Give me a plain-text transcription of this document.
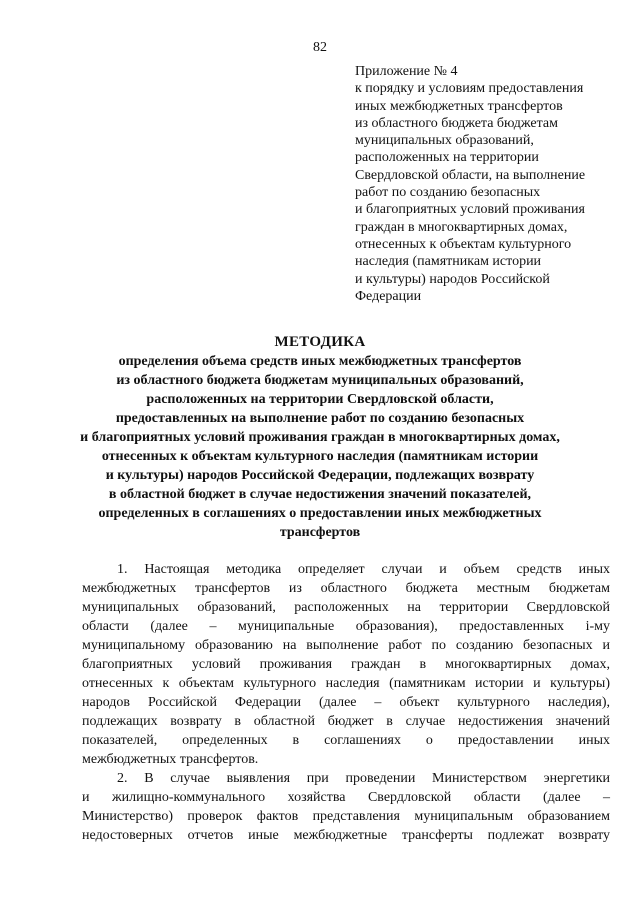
82
Приложение № 4
к порядку и условиям предоставления
иных межбюджетных трансфертов
из областного бюджета бюджетам
муниципальных образований,
расположенных на территории
Свердловской области, на выполнение
работ по созданию безопасных
и благоприятных условий проживания
граждан в многоквартирных домах,
отнесенных к объектам культурного
наследия (памятникам истории
и культуры) народов Российской
Федерации
МЕТОДИКА
определения объема средств иных межбюджетных трансфертов
из областного бюджета бюджетам муниципальных образований,
расположенных на территории Свердловской области,
предоставленных на выполнение работ по созданию безопасных
и благоприятных условий проживания граждан в многоквартирных домах,
отнесенных к объектам культурного наследия (памятникам истории
и культуры) народов Российской Федерации, подлежащих возврату
в областной бюджет в случае недостижения значений показателей,
определенных в соглашениях о предоставлении иных межбюджетных
трансфертов
1. Настоящая методика определяет случаи и объем средств иных
межбюджетных трансфертов из областного бюджета местным бюджетам
муниципальных образований, расположенных на территории Свердловской
области (далее – муниципальные образования), предоставленных i-му
муниципальному образованию на выполнение работ по созданию безопасных и
благоприятных условий проживания граждан в многоквартирных домах,
отнесенных к объектам культурного наследия (памятникам истории и культуры)
народов Российской Федерации (далее – объект культурного наследия),
подлежащих возврату в областной бюджет в случае недостижения значений
показателей, определенных в соглашениях о предоставлении иных
межбюджетных трансфертов.
2. В случае выявления при проведении Министерством энергетики
и жилищно-коммунального хозяйства Свердловской области (далее –
Министерство) проверок фактов представления муниципальным образованием
недостоверных отчетов иные межбюджетные трансферты подлежат возврату
